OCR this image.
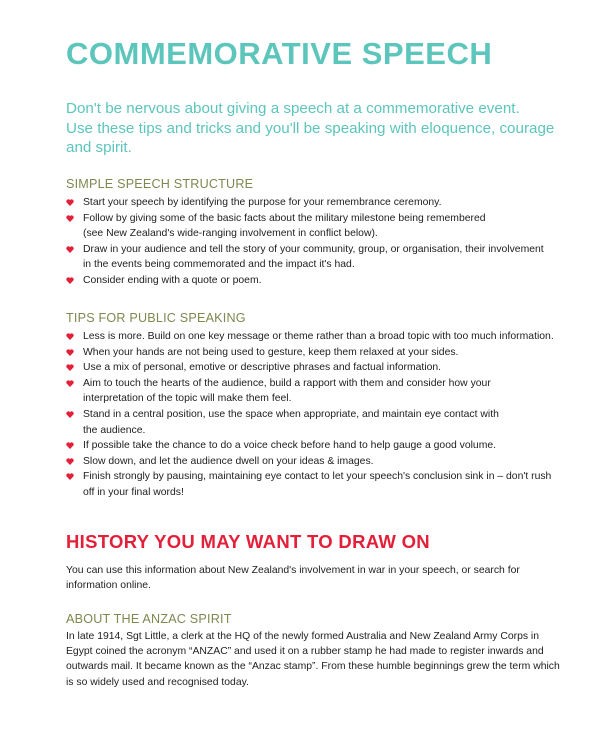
COMMEMORATIVE SPEECH
Don't be nervous about giving a speech at a commemorative event.
Use these tips and tricks and you'll be speaking with eloquence, courage
and spirit.
SIMPLE SPEECH STRUCTURE
Start your speech by identifying the purpose for your remembrance ceremony.
Follow by giving some of the basic facts about the military milestone being remembered
(see New Zealand's wide-ranging involvement in conflict below).
Draw in your audience and tell the story of your community, group, or organisation, their involvement
in the events being commemorated and the impact it's had.
Consider ending with a quote or poem.
TIPS FOR PUBLIC SPEAKING
Less is more. Build on one key message or theme rather than a broad topic with too much information.
When your hands are not being used to gesture, keep them relaxed at your sides.
Use a mix of personal, emotive or descriptive phrases and factual information.
Aim to touch the hearts of the audience, build a rapport with them and consider how your
interpretation of the topic will make them feel.
Stand in a central position, use the space when appropriate, and maintain eye contact with
the audience.
If possible take the chance to do a voice check before hand to help gauge a good volume.
Slow down, and let the audience dwell on your ideas & images.
Finish strongly by pausing, maintaining eye contact to let your speech's conclusion sink in – don't rush
off in your final words!
HISTORY YOU MAY WANT TO DRAW ON
You can use this information about New Zealand's involvement in war in your speech, or search for
information online.
ABOUT THE ANZAC SPIRIT
In late 1914, Sgt Little, a clerk at the HQ of the newly formed Australia and New Zealand Army Corps in
Egypt coined the acronym “ANZAC” and used it on a rubber stamp he had made to register inwards and
outwards mail. It became known as the “Anzac stamp”. From these humble beginnings grew the term which
is so widely used and recognised today.
